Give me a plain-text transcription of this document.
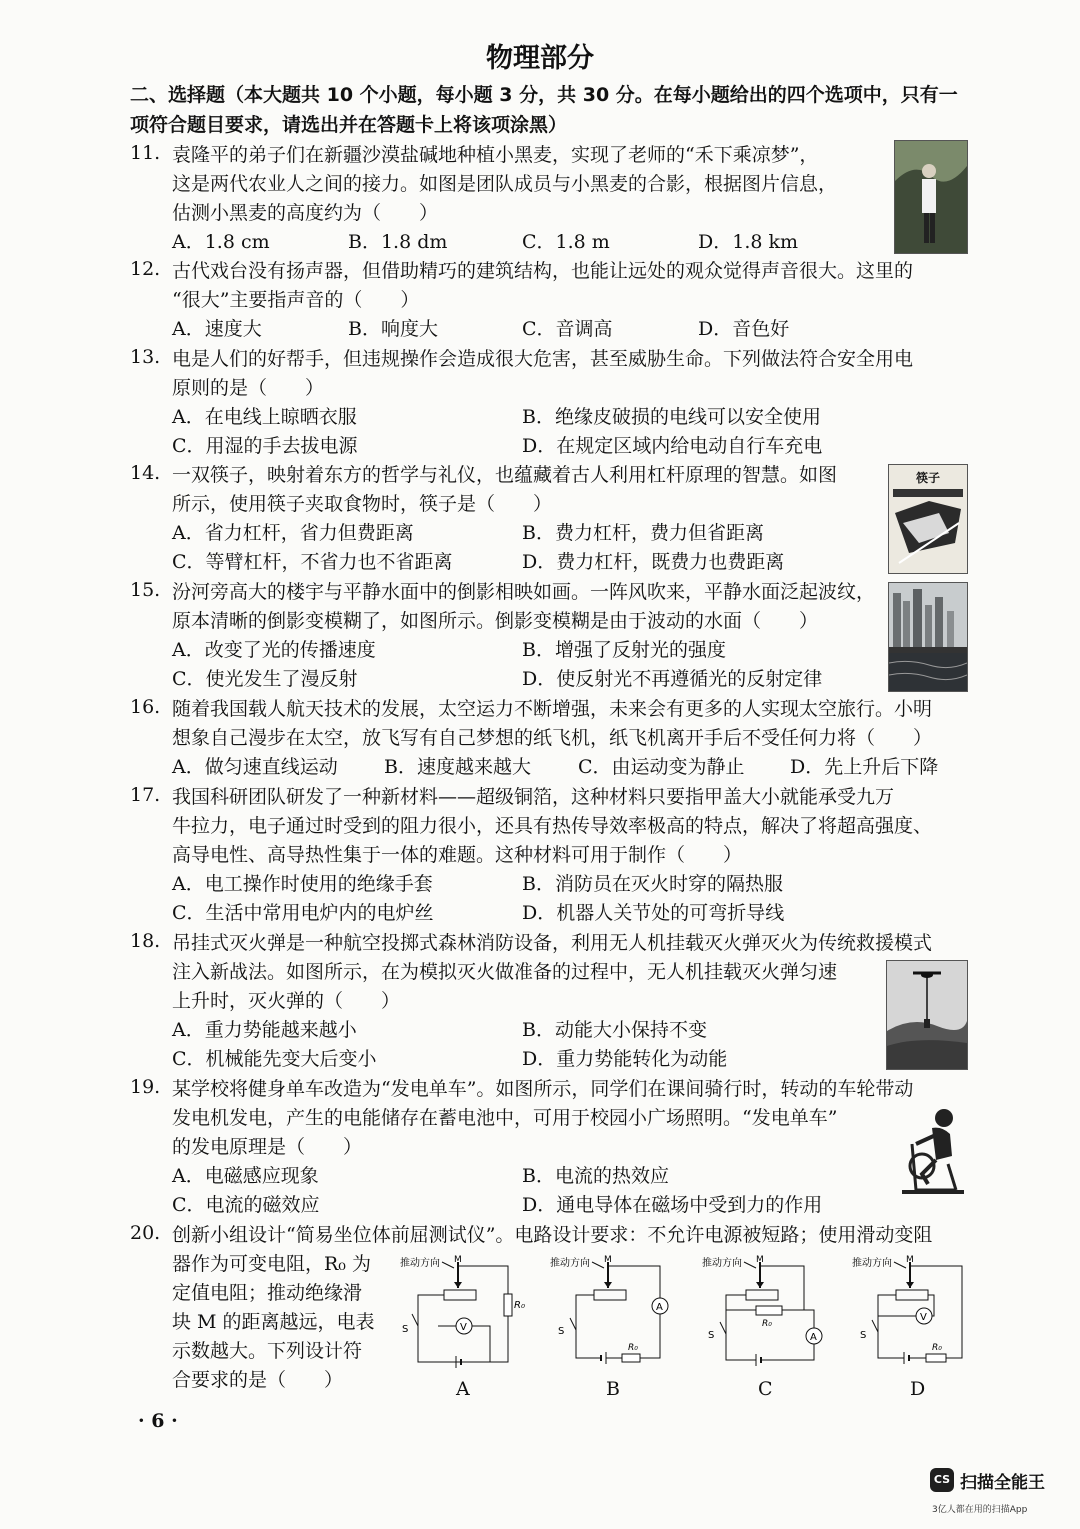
物理部分
二、选择题（本大题共 10 个小题，每小题 3 分，共 30 分。在每小题给出的四个选项中，只有一
项符合题目要求，请选出并在答题卡上将该项涂黑）
11. 袁隆平的弟子们在新疆沙漠盐碱地种植小黑麦，实现了老师的“禾下乘凉梦”，
这是两代农业人之间的接力。如图是团队成员与小黑麦的合影，根据图片信息，
估测小黑麦的高度约为（　　）
A．1.8 cm	B．1.8 dm	C．1.8 m	D．1.8 km
12. 古代戏台没有扬声器，但借助精巧的建筑结构，也能让远处的观众觉得声音很大。这里的
“很大”主要指声音的（　　）
A．速度大	B．响度大	C．音调高	D．音色好
13. 电是人们的好帮手，但违规操作会造成很大危害，甚至威胁生命。下列做法符合安全用电
原则的是（　　）
A．在电线上晾晒衣服	B．绝缘皮破损的电线可以安全使用
C．用湿的手去拔电源	D．在规定区域内给电动自行车充电
14. 一双筷子，映射着东方的哲学与礼仪，也蕴藏着古人利用杠杆原理的智慧。如图
所示，使用筷子夹取食物时，筷子是（　　）
A．省力杠杆，省力但费距离	B．费力杠杆，费力但省距离
C．等臂杠杆，不省力也不省距离	D．费力杠杆，既费力也费距离
筷子
15. 汾河旁高大的楼宇与平静水面中的倒影相映如画。一阵风吹来，平静水面泛起波纹，
原本清晰的倒影变模糊了，如图所示。倒影变模糊是由于波动的水面（　　）
A．改变了光的传播速度	B．增强了反射光的强度
C．使光发生了漫反射	D．使反射光不再遵循光的反射定律
16. 随着我国载人航天技术的发展，太空运力不断增强，未来会有更多的人实现太空旅行。小明
想象自己漫步在太空，放飞写有自己梦想的纸飞机，纸飞机离开手后不受任何力将（　　）
A．做匀速直线运动 B．速度越来越大 C．由运动变为静止 D．先上升后下降
17. 我国科研团队研发了一种新材料——超级铜箔，这种材料只要指甲盖大小就能承受九万
牛拉力，电子通过时受到的阻力很小，还具有热传导效率极高的特点，解决了将超高强度、
高导电性、高导热性集于一体的难题。这种材料可用于制作（　　）
A．电工操作时使用的绝缘手套	B．消防员在灭火时穿的隔热服
C．生活中常用电炉内的电炉丝	D．机器人关节处的可弯折导线
18. 吊挂式灭火弹是一种航空投掷式森林消防设备，利用无人机挂载灭火弹灭火为传统救援模式
注入新战法。如图所示，在为模拟灭火做准备的过程中，无人机挂载灭火弹匀速
上升时，灭火弹的（　　）
A．重力势能越来越小	B．动能大小保持不变
C．机械能先变大后变小	D．重力势能转化为动能
19. 某学校将健身单车改造为“发电单车”。如图所示，同学们在课间骑行时，转动的车轮带动
发电机发电，产生的电能储存在蓄电池中，可用于校园小广场照明。“发电单车”
的发电原理是（　　）
A．电磁感应现象	B．电流的热效应
C．电流的磁效应	D．通电导体在磁场中受到力的作用
20. 创新小组设计“简易坐位体前屈测试仪”。电路设计要求：不允许电源被短路；使用滑动变阻
器作为可变电阻，R₀ 为
定值电阻；推动绝缘滑
块 M 的距离越远，电表
示数越大。下列设计符
合要求的是（　　）
推动方向 M
R₀
S	V
A
推动方向 M
A
R₀
S
B
推动方向 M
R₀
S	A
C
推动方向 M
V
S
R₀
D
· 6 ·
CS 扫描全能王
3亿人都在用的扫描App
